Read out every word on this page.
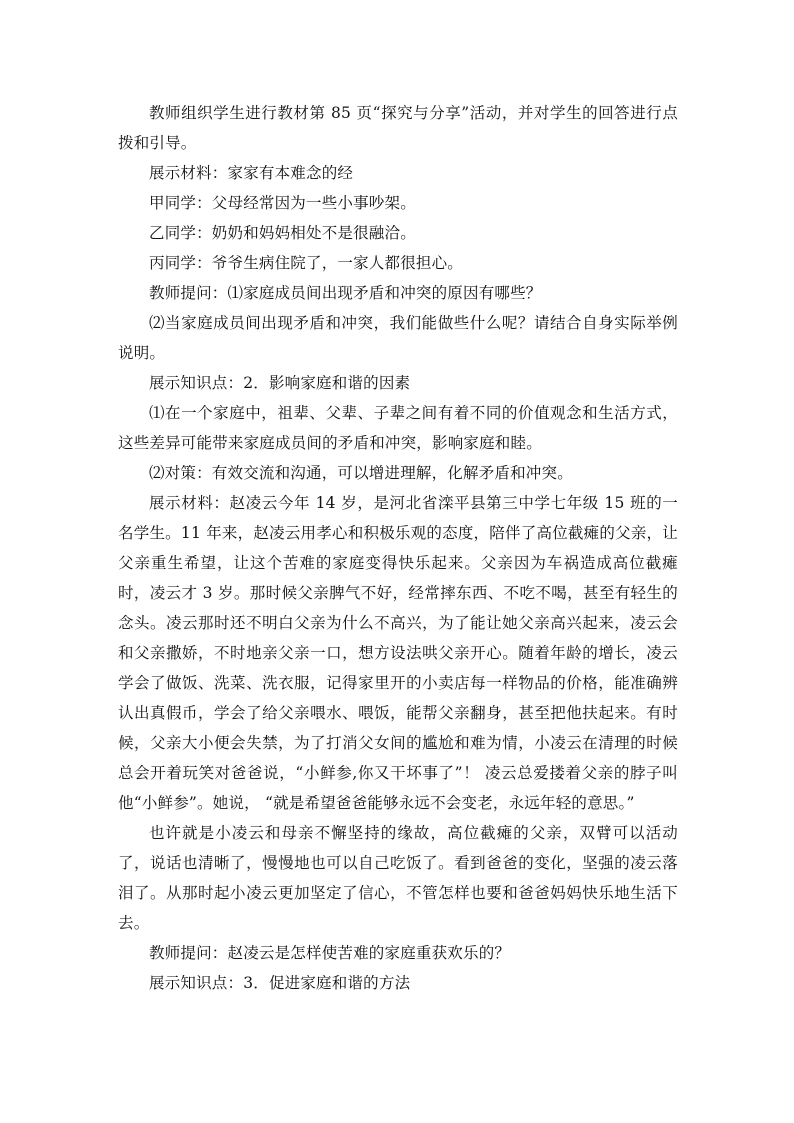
教师组织学生进行教材第 85 页“探究与分享”活动，并对学生的回答进行点拨和引导。

展示材料：家家有本难念的经

甲同学：父母经常因为一些小事吵架。

乙同学：奶奶和妈妈相处不是很融洽。

丙同学：爷爷生病住院了，一家人都很担心。

教师提问：⑴家庭成员间出现矛盾和冲突的原因有哪些？

⑵当家庭成员间出现矛盾和冲突，我们能做些什么呢？请结合自身实际举例说明。

展示知识点：2．影响家庭和谐的因素

⑴在一个家庭中，祖辈、父辈、子辈之间有着不同的价值观念和生活方式，这些差异可能带来家庭成员间的矛盾和冲突，影响家庭和睦。

⑵对策：有效交流和沟通，可以增进理解，化解矛盾和冲突。

展示材料：赵凌云今年 14 岁，是河北省滦平县第三中学七年级 15 班的一名学生。11 年来，赵凌云用孝心和积极乐观的态度，陪伴了高位截瘫的父亲，让父亲重生希望，让这个苦难的家庭变得快乐起来。父亲因为车祸造成高位截瘫时，凌云才 3 岁。那时候父亲脾气不好，经常摔东西、不吃不喝，甚至有轻生的念头。凌云那时还不明白父亲为什么不高兴，为了能让她父亲高兴起来，凌云会和父亲撒娇，不时地亲父亲一口，想方设法哄父亲开心。随着年龄的增长，凌云学会了做饭、洗菜、洗衣服，记得家里开的小卖店每一样物品的价格，能准确辨认出真假币，学会了给父亲喂水、喂饭，能帮父亲翻身，甚至把他扶起来。有时候，父亲大小便会失禁，为了打消父女间的尴尬和难为情，小凌云在清理的时候总会开着玩笑对爸爸说，“小鲜参,你又干坏事了”！ 凌云总爱搂着父亲的脖子叫他“小鲜参”。她说， “就是希望爸爸能够永远不会变老，永远年轻的意思。”

也许就是小凌云和母亲不懈坚持的缘故，高位截瘫的父亲，双臂可以活动了，说话也清晰了，慢慢地也可以自己吃饭了。看到爸爸的变化，坚强的凌云落泪了。从那时起小凌云更加坚定了信心，不管怎样也要和爸爸妈妈快乐地生活下去。

教师提问：赵凌云是怎样使苦难的家庭重获欢乐的？

展示知识点：3．促进家庭和谐的方法
